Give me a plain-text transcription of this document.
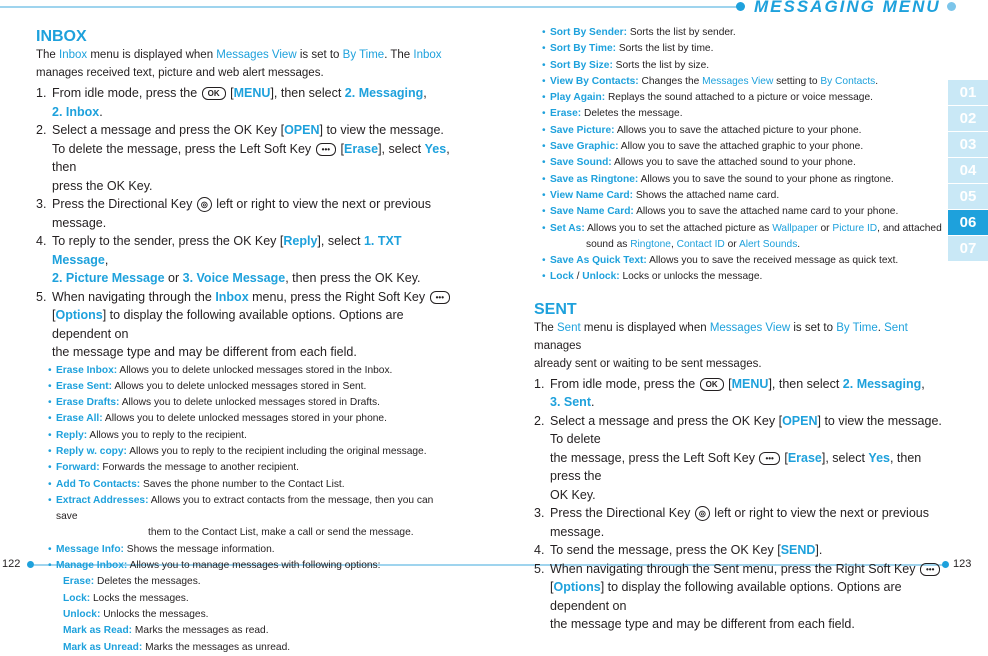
MESSAGING MENU
01
02
03
04
05
06
07
122	123
INBOX
The Inbox menu is displayed when Messages View is set to By Time. The Inbox
manages received text, picture and web alert messages.
1. From idle mode, press the OK [MENU], then select 2. Messaging,
2. Inbox.
2. Select a message and press the OK Key [OPEN] to view the message.
To delete the message, press the Left Soft Key ••• [Erase], select Yes, then
press the OK Key.
3. Press the Directional Key ◎ left or right to view the next or previous
message.
4. To reply to the sender, press the OK Key [Reply], select 1. TXT Message,
2. Picture Message or 3. Voice Message, then press the OK Key.
5. When navigating through the Inbox menu, press the Right Soft Key •••
[Options] to display the following available options. Options are dependent on
the message type and may be different from each field.
• Erase Inbox: Allows you to delete unlocked messages stored in the Inbox.
• Erase Sent: Allows you to delete unlocked messages stored in Sent.
• Erase Drafts: Allows you to delete unlocked messages stored in Drafts.
• Erase All: Allows you to delete unlocked messages stored in your phone.
• Reply: Allows you to reply to the recipient.
• Reply w. copy: Allows you to reply to the recipient including the original message.
• Forward: Forwards the message to another recipient.
• Add To Contacts: Saves the phone number to the Contact List.
• Extract Addresses: Allows you to extract contacts from the message, then you can save
them to the Contact List, make a call or send the message.
• Message Info: Shows the message information.
• Manage Inbox: Allows you to manage messages with following options:
Erase: Deletes the messages.
Lock: Locks the messages.
Unlock: Unlocks the messages.
Mark as Read: Marks the messages as read.
Mark as Unread: Marks the messages as unread.
• Sort By Sender: Sorts the list by sender.
• Sort By Time: Sorts the list by time.
• Sort By Size: Sorts the list by size.
• View By Contacts: Changes the Messages View setting to By Contacts.
• Play Again: Replays the sound attached to a picture or voice message.
• Erase: Deletes the message.
• Save Picture: Allows you to save the attached picture to your phone.
• Save Graphic: Allow you to save the attached graphic to your phone.
• Save Sound: Allows you to save the attached sound to your phone.
• Save as Ringtone: Allows you to save the sound to your phone as ringtone.
• View Name Card: Shows the attached name card.
• Save Name Card: Allows you to save the attached name card to your phone.
• Set As: Allows you to set the attached picture as Wallpaper or Picture ID, and attached
sound as Ringtone, Contact ID or Alert Sounds.
• Save As Quick Text: Allows you to save the received message as quick text.
• Lock / Unlock: Locks or unlocks the message.
SENT
The Sent menu is displayed when Messages View is set to By Time. Sent manages
already sent or waiting to be sent messages.
1. From idle mode, press the OK [MENU], then select 2. Messaging,
3. Sent.
2. Select a message and press the OK Key [OPEN] to view the message. To delete
the message, press the Left Soft Key ••• [Erase], select Yes, then press the
OK Key.
3. Press the Directional Key ◎ left or right to view the next or previous
message.
4. To send the message, press the OK Key [SEND].
5. When navigating through the Sent menu, press the Right Soft Key •••
[Options] to display the following available options. Options are dependent on
the message type and may be different from each field.
